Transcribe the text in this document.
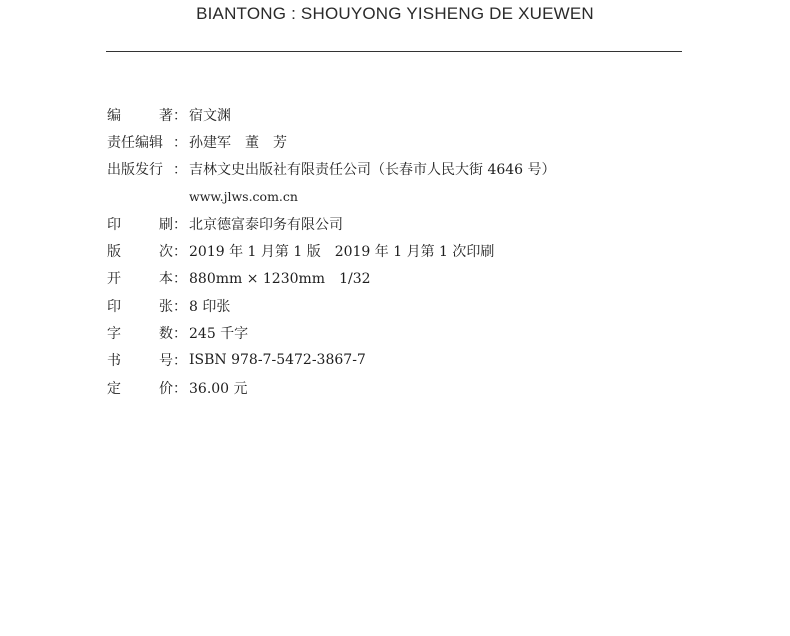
BIANTONG : SHOUYONG YISHENG DE XUEWEN
编	著 ： 宿文渊
责任编辑 ： 孙建军　董　芳
出版发行 ： 吉林文史出版社有限责任公司（长春市人民大街 4646 号）
www.jlws.com.cn
印	刷 ： 北京德富泰印务有限公司
版	次 ： 2019 年 1 月第 1 版　2019 年 1 月第 1 次印刷
开	本 ： 880mm × 1230mm　1/32
印	张 ： 8 印张
字	数 ： 245 千字
书	号 ： ISBN 978-7-5472-3867-7
定	价 ： 36.00 元
